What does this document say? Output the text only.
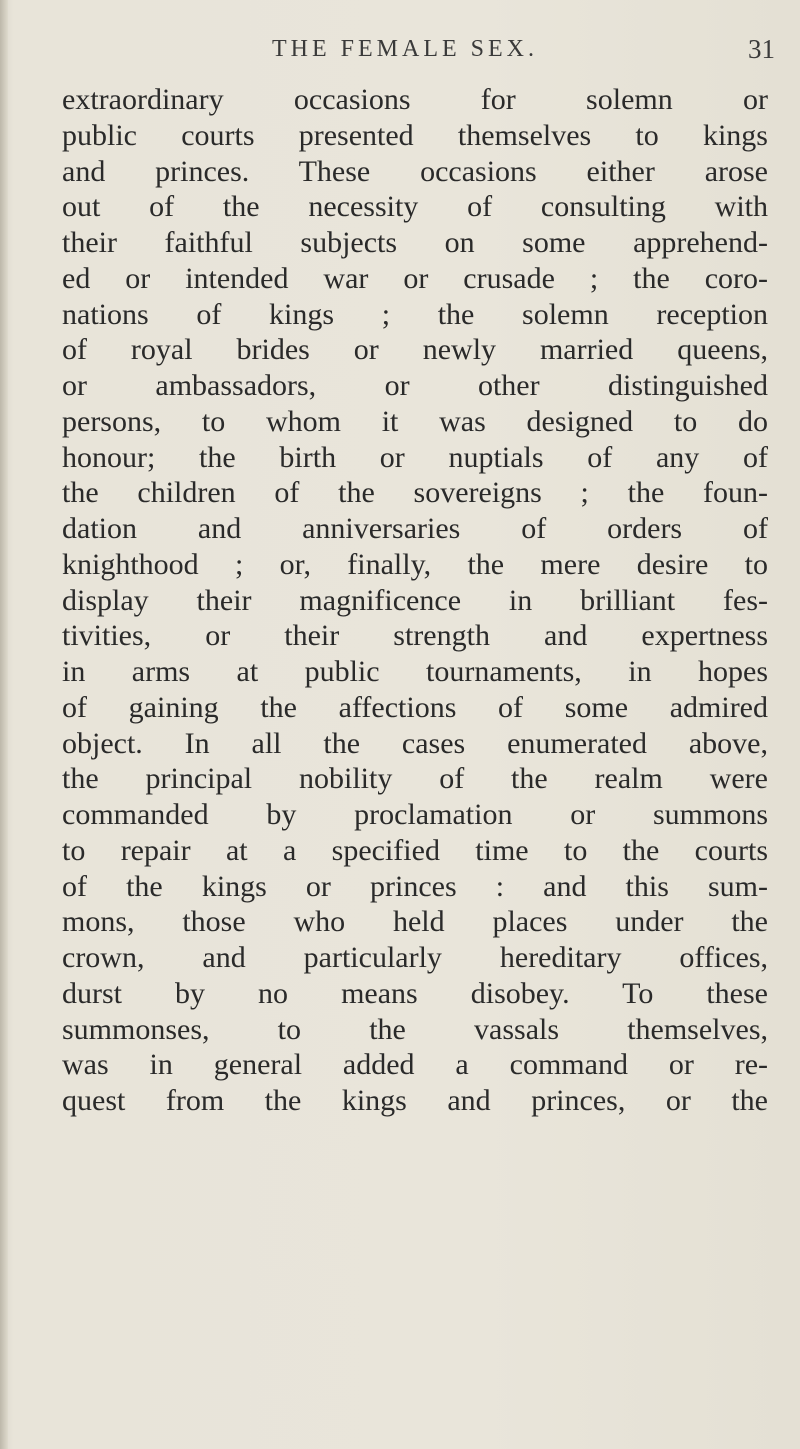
THE FEMALE SEX.	31
extraordinary occasions for solemn or
public courts presented themselves to kings
and princes. These occasions either arose
out of the necessity of consulting with
their faithful subjects on some apprehend-
ed or intended war or crusade ; the coro-
nations of kings ; the solemn reception
of royal brides or newly married queens,
or ambassadors, or other distinguished
persons, to whom it was designed to do
honour; the birth or nuptials of any of
the children of the sovereigns ; the foun-
dation and anniversaries of orders of
knighthood ; or, finally, the mere desire to
display their magnificence in brilliant fes-
tivities, or their strength and expertness
in arms at public tournaments, in hopes
of gaining the affections of some admired
object. In all the cases enumerated above,
the principal nobility of the realm were
commanded by proclamation or summons
to repair at a specified time to the courts
of the kings or princes : and this sum-
mons, those who held places under the
crown, and particularly hereditary offices,
durst by no means disobey. To these
summonses, to the vassals themselves,
was in general added a command or re-
quest from the kings and princes, or the
